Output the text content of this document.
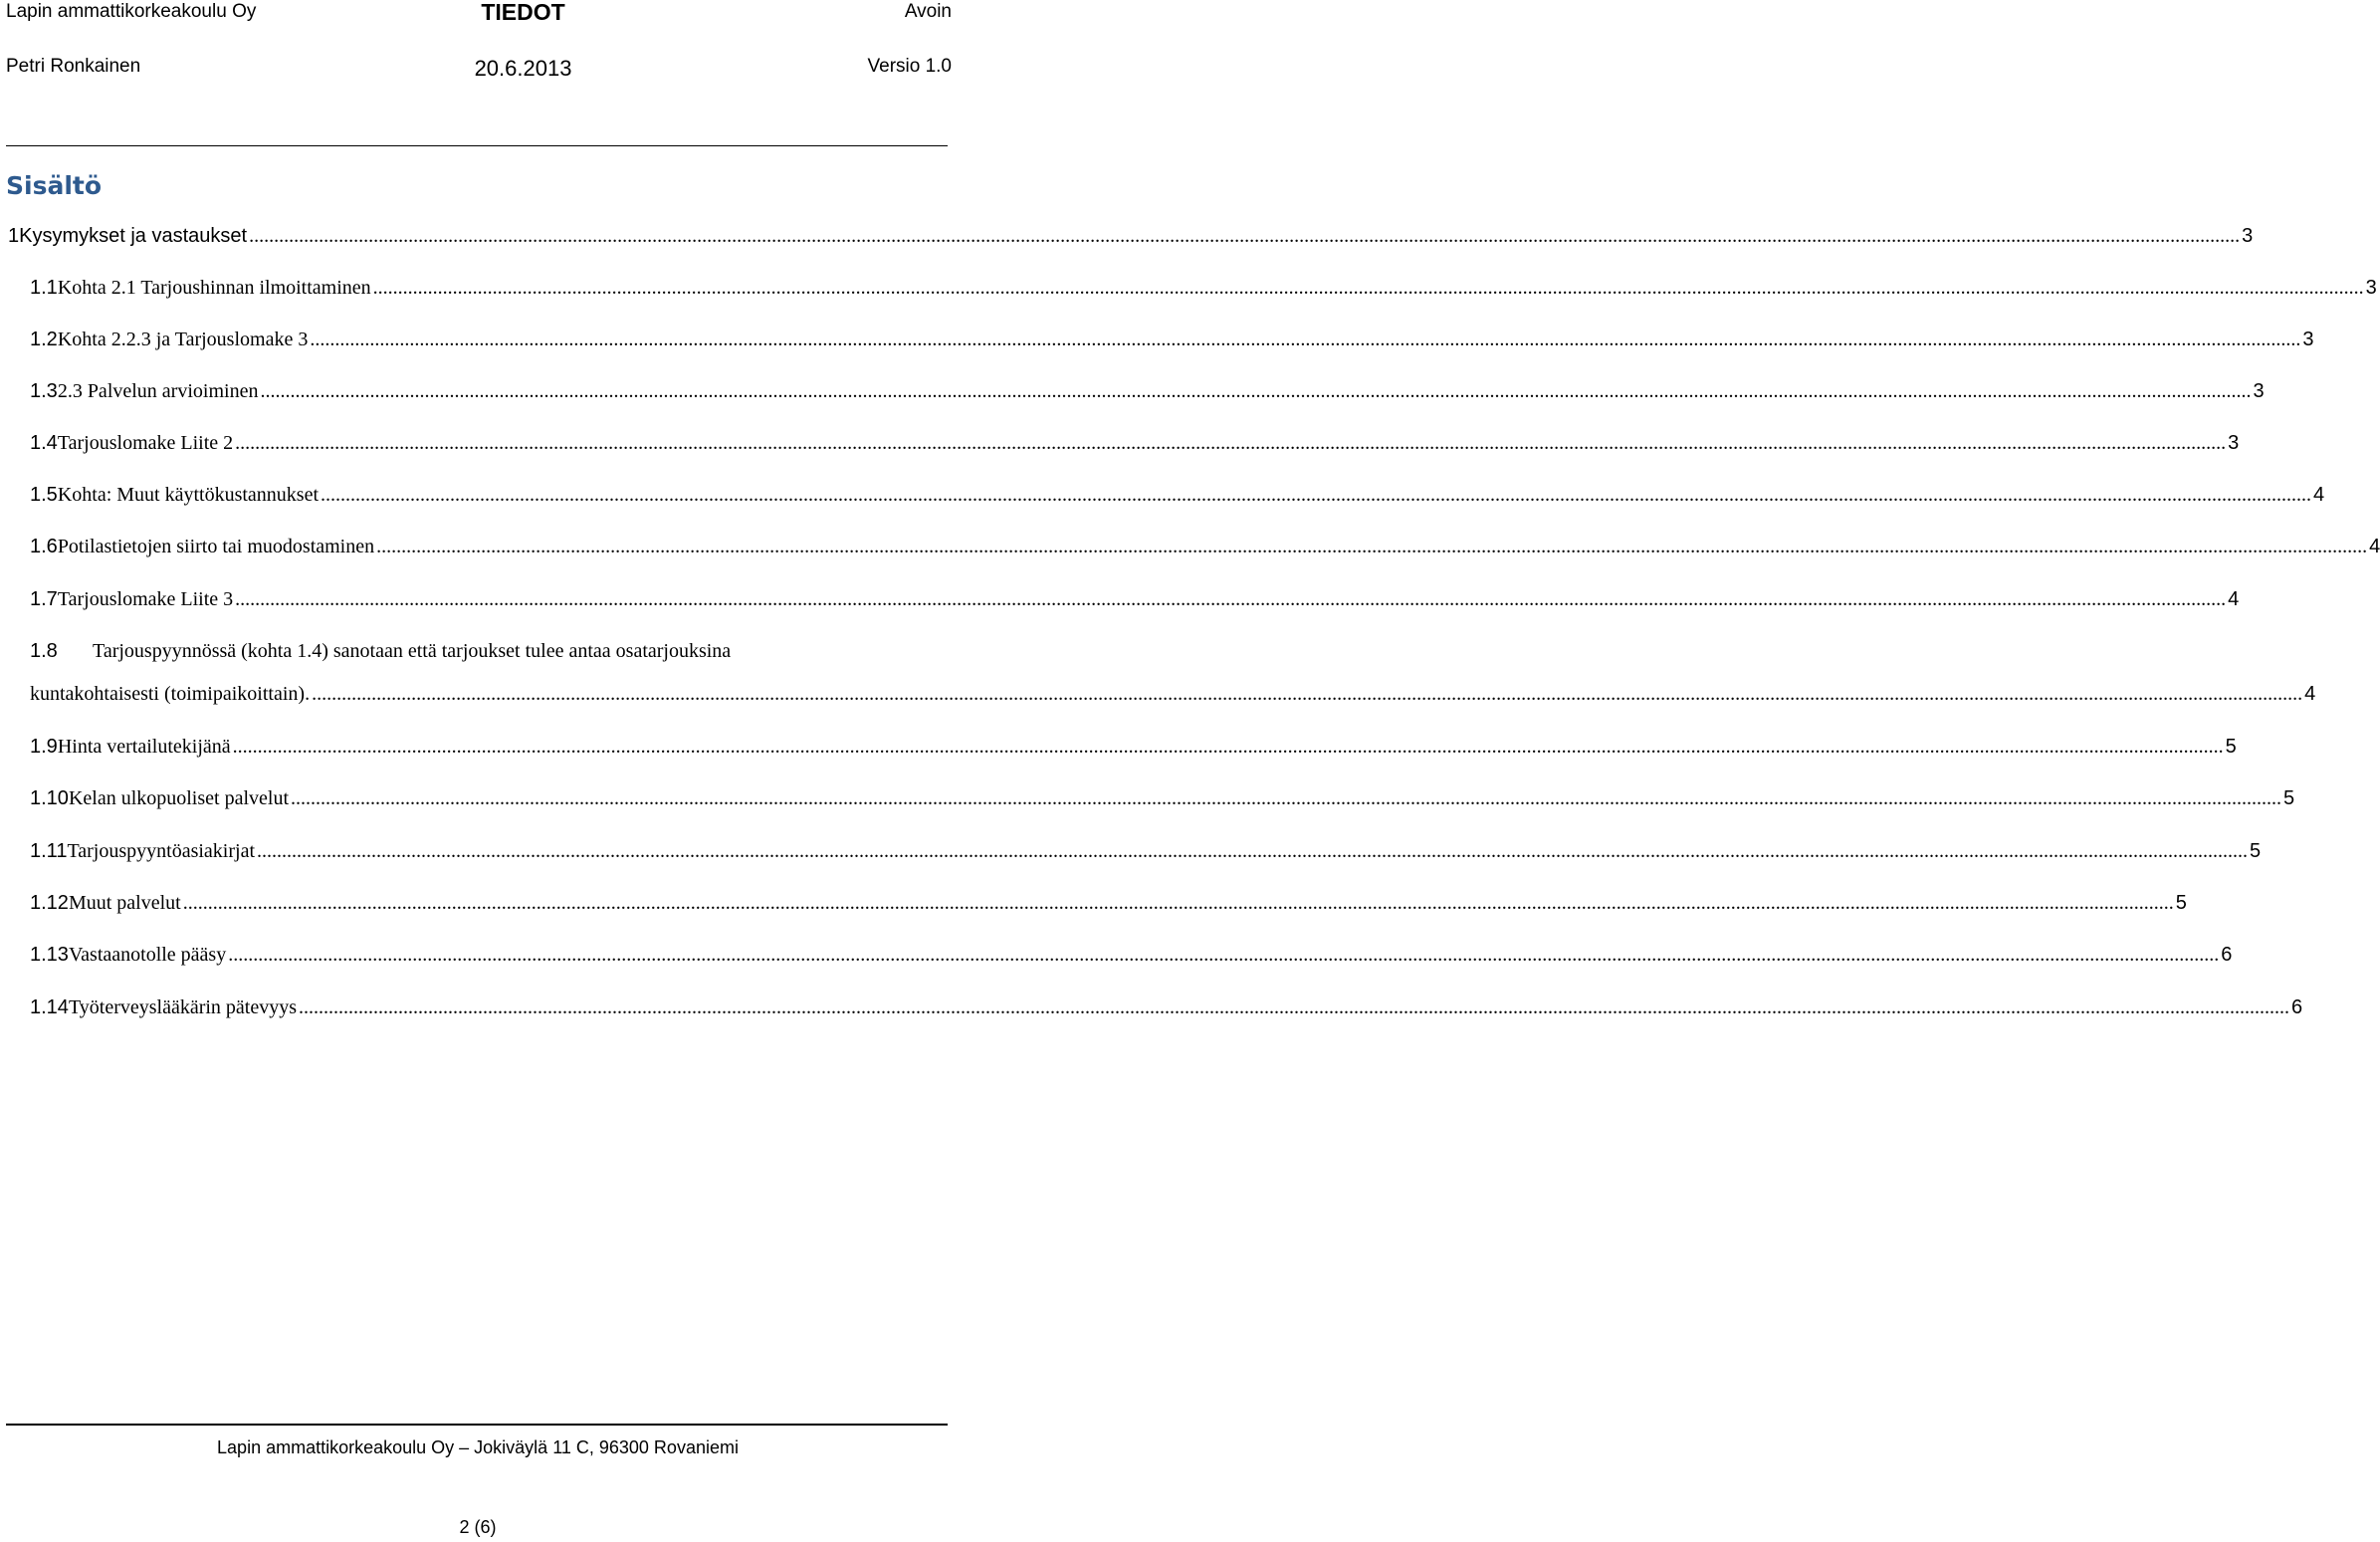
Lapin ammattikorkeakoulu Oy	TIEDOT	Avoin
Petri Ronkainen	20.6.2013	Versio 1.0
Sisältö
1 Kysymykset ja vastaukset ................................................................................................................................................................................................................................................................................................................................................................................................................ 3
1.1 Kohta 2.1 Tarjoushinnan ilmoittaminen ................................................................................................................................................................................................................................................................................................................................................................................................................ 3
1.2 Kohta 2.2.3 ja Tarjouslomake 3 ................................................................................................................................................................................................................................................................................................................................................................................................................ 3
1.3 2.3 Palvelun arvioiminen ................................................................................................................................................................................................................................................................................................................................................................................................................ 3
1.4 Tarjouslomake Liite 2 ................................................................................................................................................................................................................................................................................................................................................................................................................ 3
1.5 Kohta: Muut käyttökustannukset ................................................................................................................................................................................................................................................................................................................................................................................................................ 4
1.6 Potilastietojen siirto tai muodostaminen ................................................................................................................................................................................................................................................................................................................................................................................................................ 4
1.7 Tarjouslomake Liite 3 ................................................................................................................................................................................................................................................................................................................................................................................................................ 4
1.8	Tarjouspyynnössä (kohta 1.4) sanotaan että tarjoukset tulee antaa osatarjouksina
kuntakohtaisesti (toimipaikoittain). ................................................................................................................................................................................................................................................................................................................................................................................................................ 4
1.9 Hinta vertailutekijänä ................................................................................................................................................................................................................................................................................................................................................................................................................ 5
1.10 Kelan ulkopuoliset palvelut ................................................................................................................................................................................................................................................................................................................................................................................................................ 5
1.11 Tarjouspyyntöasiakirjat ................................................................................................................................................................................................................................................................................................................................................................................................................ 5
1.12 Muut palvelut ................................................................................................................................................................................................................................................................................................................................................................................................................ 5
1.13 Vastaanotolle pääsy ................................................................................................................................................................................................................................................................................................................................................................................................................ 6
1.14 Työterveyslääkärin pätevyys ................................................................................................................................................................................................................................................................................................................................................................................................................ 6
Lapin ammattikorkeakoulu Oy – Jokiväylä 11 C, 96300 Rovaniemi
2 (6)
